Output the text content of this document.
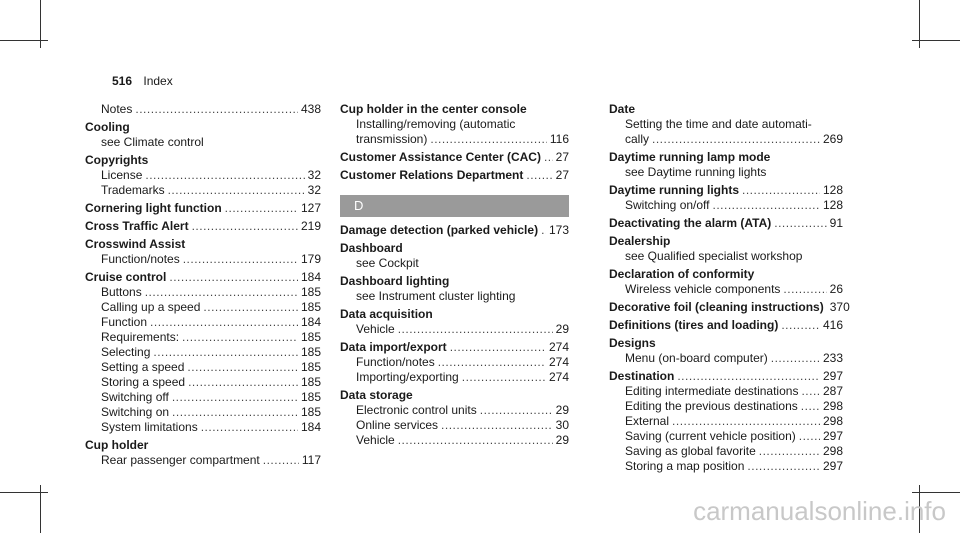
516 Index
Notes .....	438
Cooling
see Climate control
Copyrights
License .....	32
Trademarks .....	32
Cornering light function .....	127
Cross Traffic Alert .....	219
Crosswind Assist
Function/notes .....	179
Cruise control .....	184
Buttons .....	185
Calling up a speed .....	185
Function .....	184
Requirements: .....	185
Selecting .....	185
Setting a speed .....	185
Storing a speed .....	185
Switching off .....	185
Switching on .....	185
System limitations .....	184
Cup holder
Rear passenger compartment .....	117
Cup holder in the center console
Installing/removing (automatic
transmission) .....	116
Customer Assistance Center (CAC) ..... 27
Customer Relations Department .....	27
D
Damage detection (parked vehicle) ..... 173
Dashboard
see Cockpit
Dashboard lighting
see Instrument cluster lighting
Data acquisition
Vehicle .....	29
Data import/export .....	274
Function/notes .....	274
Importing/exporting .....	274
Data storage
Electronic control units .....	29
Online services .....	30
Vehicle .....	29
Date
Setting the time and date automati-
cally .....	269
Daytime running lamp mode
see Daytime running lights
Daytime running lights .....	128
Switching on/off .....	128
Deactivating the alarm (ATA) .....	91
Dealership
see Qualified specialist workshop
Declaration of conformity
Wireless vehicle components .....	26
Decorative foil (cleaning instructions) 370
Definitions (tires and loading) .....	416
Designs
Menu (on-board computer) .....	233
Destination .....	297
Editing intermediate destinations ..... 287
Editing the previous destinations ..... 298
External .....	298
Saving (current vehicle position) ..... 297
Saving as global favorite .....	298
Storing a map position .....	297
carmanualsonline.info
